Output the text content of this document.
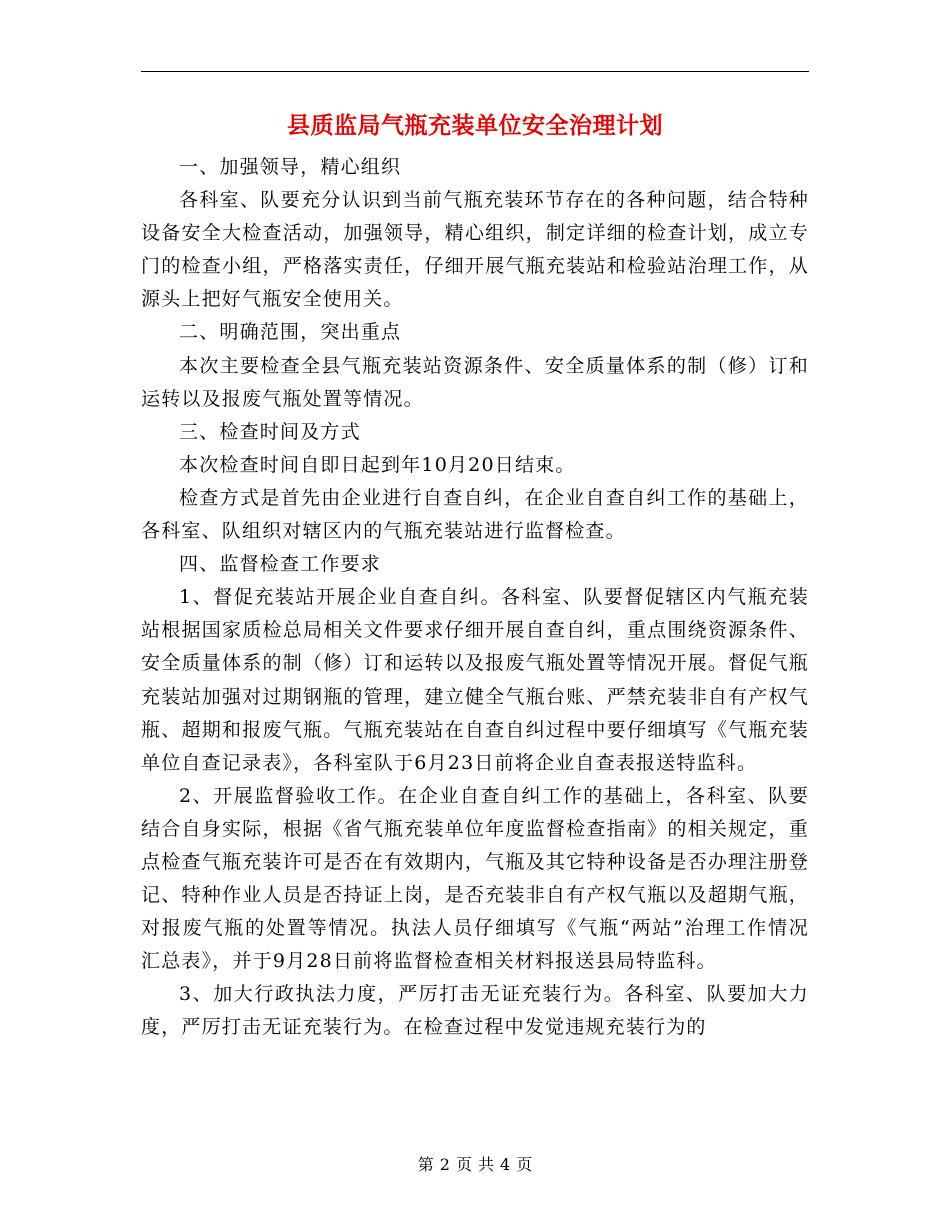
县质监局气瓶充装单位安全治理计划

一、加强领导，精心组织

各科室、队要充分认识到当前气瓶充装环节存在的各种问题，结合特种设备安全大检查活动，加强领导，精心组织，制定详细的检查计划，成立专门的检查小组，严格落实责任，仔细开展气瓶充装站和检验站治理工作，从源头上把好气瓶安全使用关。

二、明确范围，突出重点

本次主要检查全县气瓶充装站资源条件、安全质量体系的制（修）订和运转以及报废气瓶处置等情况。

三、检查时间及方式

本次检查时间自即日起到年10月20日结束。

检查方式是首先由企业进行自查自纠，在企业自查自纠工作的基础上，各科室、队组织对辖区内的气瓶充装站进行监督检查。

四、监督检查工作要求

1、督促充装站开展企业自查自纠。各科室、队要督促辖区内气瓶充装站根据国家质检总局相关文件要求仔细开展自查自纠，重点围绕资源条件、安全质量体系的制（修）订和运转以及报废气瓶处置等情况开展。督促气瓶充装站加强对过期钢瓶的管理，建立健全气瓶台账、严禁充装非自有产权气瓶、超期和报废气瓶。气瓶充装站在自查自纠过程中要仔细填写《气瓶充装单位自查记录表》，各科室队于6月23日前将企业自查表报送特监科。

2、开展监督验收工作。在企业自查自纠工作的基础上，各科室、队要结合自身实际，根据《省气瓶充装单位年度监督检查指南》的相关规定，重点检查气瓶充装许可是否在有效期内，气瓶及其它特种设备是否办理注册登记、特种作业人员是否持证上岗，是否充装非自有产权气瓶以及超期气瓶，对报废气瓶的处置等情况。执法人员仔细填写《气瓶“两站”治理工作情况汇总表》，并于9月28日前将监督检查相关材料报送县局特监科。

3、加大行政执法力度，严厉打击无证充装行为。各科室、队要加大力度，严厉打击无证充装行为。在检查过程中发觉违规充装行为的

第 2 页 共 4 页
